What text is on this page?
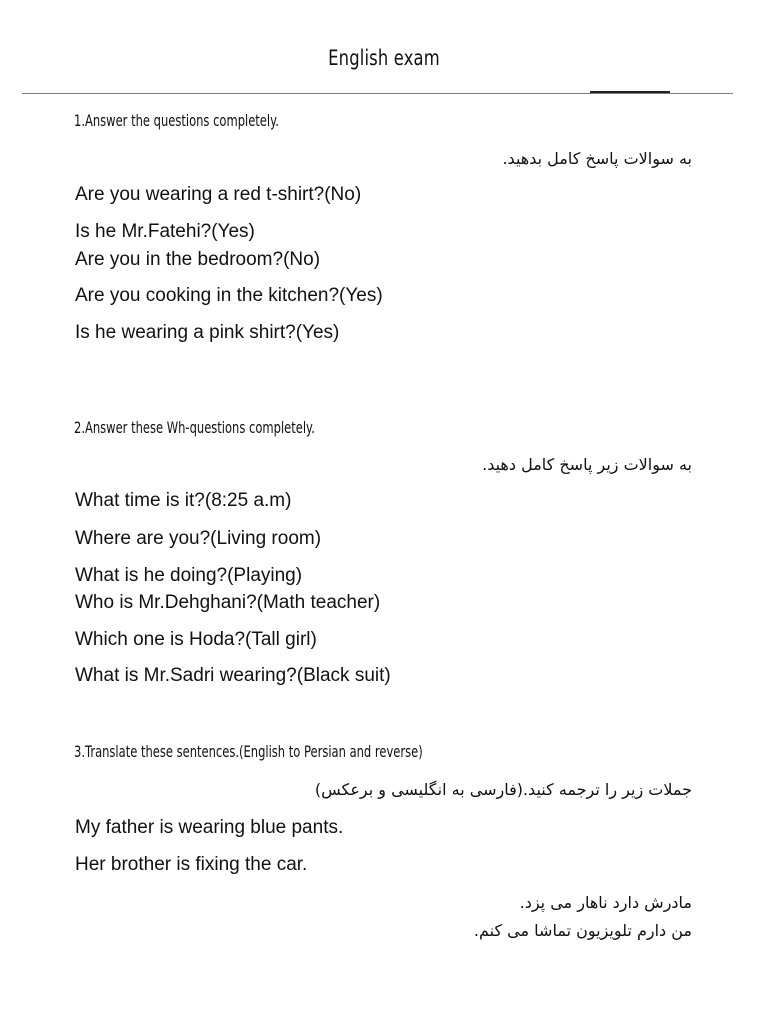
English exam
1.Answer the questions completely.
به سوالات پاسخ کامل بدهید.
Are you wearing a red t-shirt?(No)
Is he Mr.Fatehi?(Yes)
Are you in the bedroom?(No)
Are you cooking in the kitchen?(Yes)
Is he wearing a pink shirt?(Yes)
2.Answer these Wh-questions completely.
به سوالات زیر پاسخ کامل دهید.
What time is it?(8:25 a.m)
Where are you?(Living room)
What is he doing?(Playing)
Who is Mr.Dehghani?(Math teacher)
Which one is Hoda?(Tall girl)
What is Mr.Sadri wearing?(Black suit)
3.Translate these sentences.(English to Persian and reverse)
جملات زیر را ترجمه کنید.(فارسی به انگلیسی و برعکس)
My father is wearing blue pants.
Her brother is fixing the car.
مادرش دارد ناهار می پزد.
من دارم تلویزیون تماشا می کنم.
